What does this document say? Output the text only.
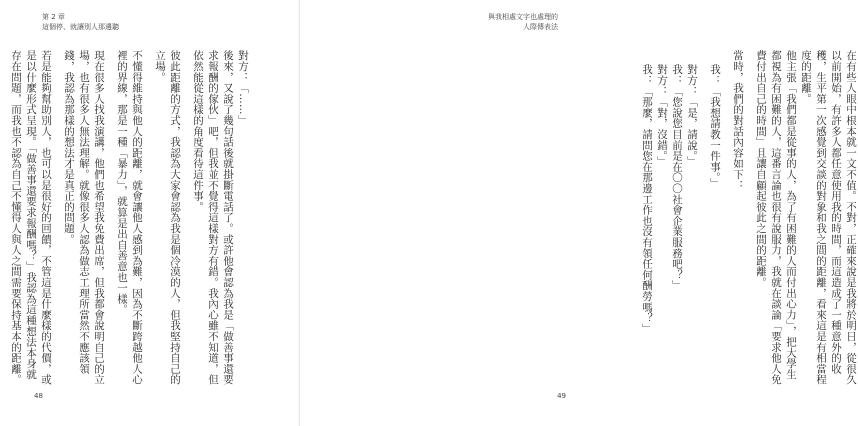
第 2 章
這個停、就讓別人那邊聽

對方：「……」

後來，又說了幾句話後就掛斷電話了。或許他會認為我是「做善事還要求報酬的傢伙」吧，但我並不覺得這樣對方有錯。我內心雖不知道，但依然能從這樣的角度看待這件事。

彼此距離的方式，我認為大家會認為我是個冷漠的人，但我堅持自己的立場。

不懂得維持與他人的距離，就會讓他人感到為難，因為不斷跨越他人心裡的界線，那是一種「暴力」，就算是出自善意也一樣。

現在很多人找我演講，他們也希望我免費出席，但我都會說明自己的立場，也有很多人無法理解。就像很多人認為做志工理所當然不應該領錢，我認為那樣的想法才是真正的問題。

若是能夠幫助別人，也可以是很好的回饋，不管這是什麼樣的代價，或是以什麼形式呈現。「做善事還要求報酬嗎？」我認為這種想法本身就存在問題，而我也不認為自己不懂得人與人之間需要保持基本的距離。

48
與我相處文字也處理的
人際傳表法

在有些人眼中根本就一文不值。不對，正確來說是我將於明日，從很久以前開始，有許多人都任意使用我的時間，而這造成了一種意外的收穫，生平第一次感覺到交談的對象和我之間的距離，看來這是有相當程度的距離。

他主張「我們都是從事的人，為了有困難的人而付出心力」，把大學生都視為有困難的人，這番言論也很有說服力，我就在談論「要求他人免費付出自己的時間」且讓自顧起彼此之間的距離。

當時，我們的對話內容如下：

我：「我想請教一件事。」

對方：「是，請說。」

我：「您說您目前是在〇〇社會企業服務吧？」

對方：「對，沒錯。」

我：「那麼，請問您在那邊工作也沒有領任何酬勞嗎？」

49
